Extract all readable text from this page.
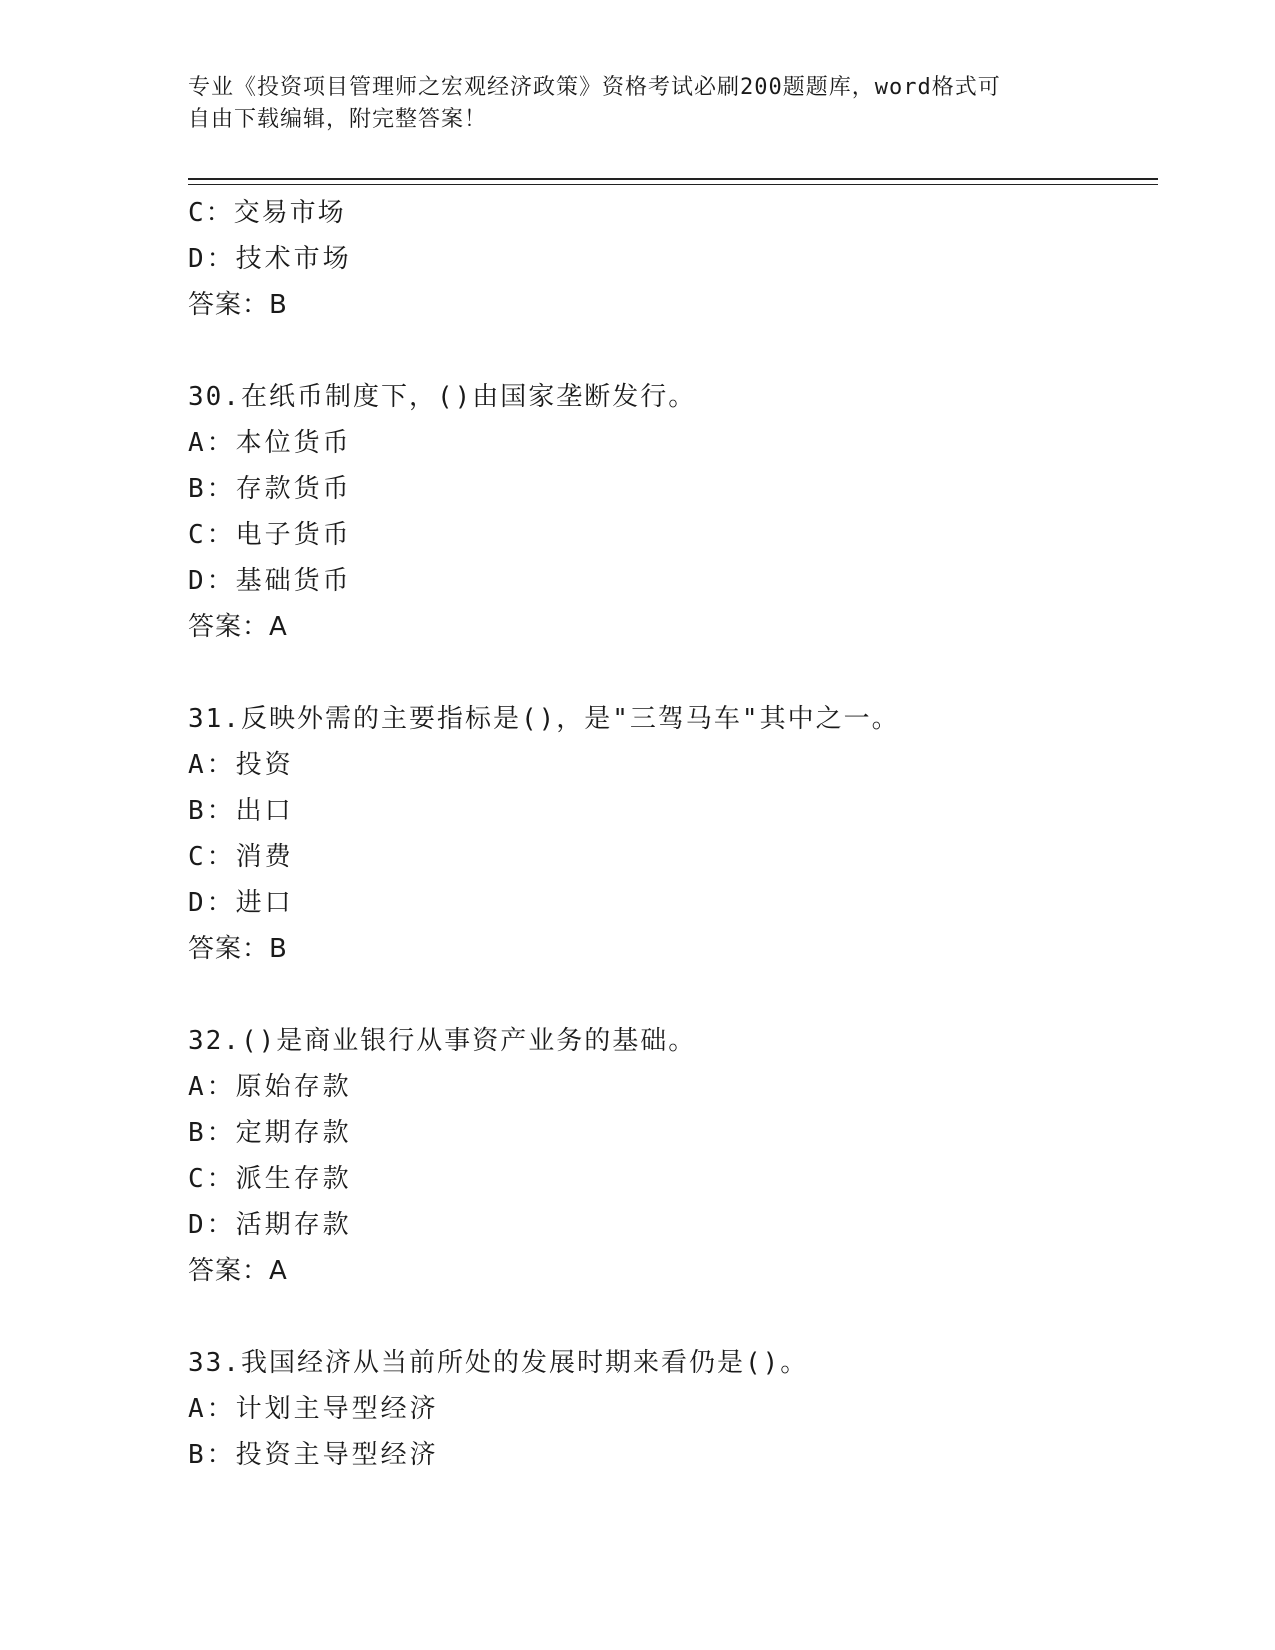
专业《投资项目管理师之宏观经济政策》资格考试必刷200题题库，word格式可
自由下载编辑，附完整答案！
C：交易市场
D：技术市场
答案：B
30.在纸币制度下，()由国家垄断发行。
A：本位货币
B：存款货币
C：电子货币
D：基础货币
答案：A
31.反映外需的主要指标是()，是"三驾马车"其中之一。
A：投资
B：出口
C：消费
D：进口
答案：B
32.()是商业银行从事资产业务的基础。
A：原始存款
B：定期存款
C：派生存款
D：活期存款
答案：A
33.我国经济从当前所处的发展时期来看仍是()。
A：计划主导型经济
B：投资主导型经济
